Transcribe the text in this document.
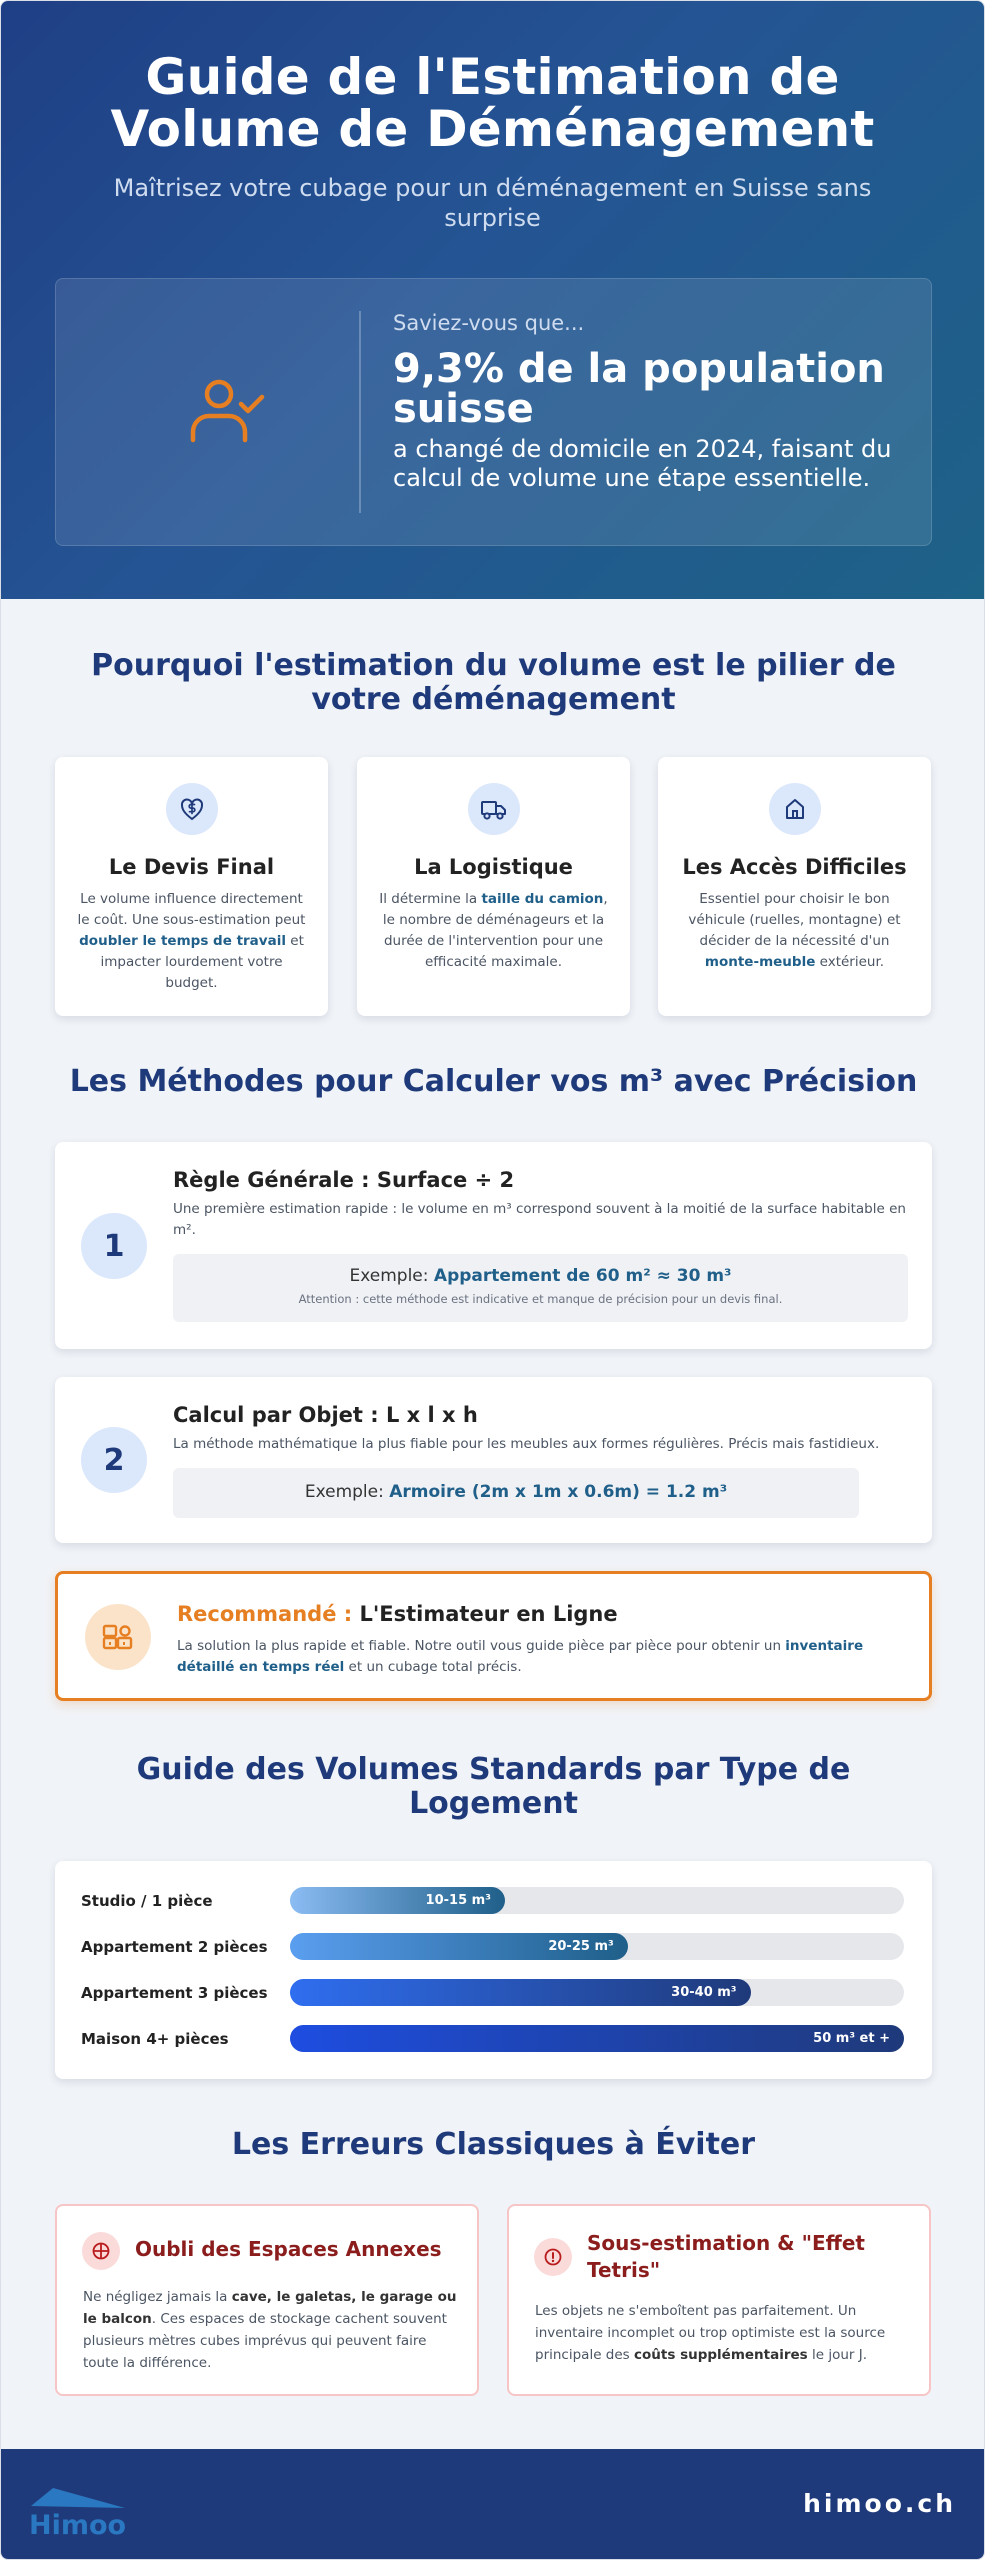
Guide de l'Estimation de Volume de Déménagement

Maîtrisez votre cubage pour un déménagement en Suisse sans surprise

Saviez-vous que...
9,3% de la population suisse
a changé de domicile en 2024, faisant du calcul de volume une étape essentielle.
Pourquoi l'estimation du volume est le pilier de votre déménagement
Le Devis Final

Le volume influence directement le coût. Une sous-estimation peut doubler le temps de travail et impacter lourdement votre budget.

La Logistique

Il détermine la taille du camion, le nombre de déménageurs et la durée de l'intervention pour une efficacité maximale.

Les Accès Difficiles

Essentiel pour choisir le bon véhicule (ruelles, montagne) et décider de la nécessité d'un monte-meuble extérieur.

Les Méthodes pour Calculer vos m³ avec Précision
1
Règle Générale : Surface ÷ 2

Une première estimation rapide : le volume en m³ correspond souvent à la moitié de la surface habitable en m².

Exemple: Appartement de 60 m² ≈ 30 m³
Attention : cette méthode est indicative et manque de précision pour un devis final.
2
Calcul par Objet : L x l x h

La méthode mathématique la plus fiable pour les meubles aux formes régulières. Précis mais fastidieux.

Exemple: Armoire (2m x 1m x 0.6m) = 1.2 m³
Recommandé : L'Estimateur en Ligne

La solution la plus rapide et fiable. Notre outil vous guide pièce par pièce pour obtenir un inventaire détaillé en temps réel et un cubage total précis.

Guide des Volumes Standards par Type de Logement
Studio / 1 pièce	10-15 m³
Appartement 2 pièces	20-25 m³
Appartement 3 pièces	30-40 m³
Maison 4+ pièces	50 m³ et +
Les Erreurs Classiques à Éviter
Oubli des Espaces Annexes

Ne négligez jamais la cave, le galetas, le garage ou le balcon. Ces espaces de stockage cachent souvent plusieurs mètres cubes imprévus qui peuvent faire toute la différence.

Sous-estimation & "Effet Tetris"

Les objets ne s'emboîtent pas parfaitement. Un inventaire incomplet ou trop optimiste est la source principale des coûts supplémentaires le jour J.

Himoo
himoo.ch
